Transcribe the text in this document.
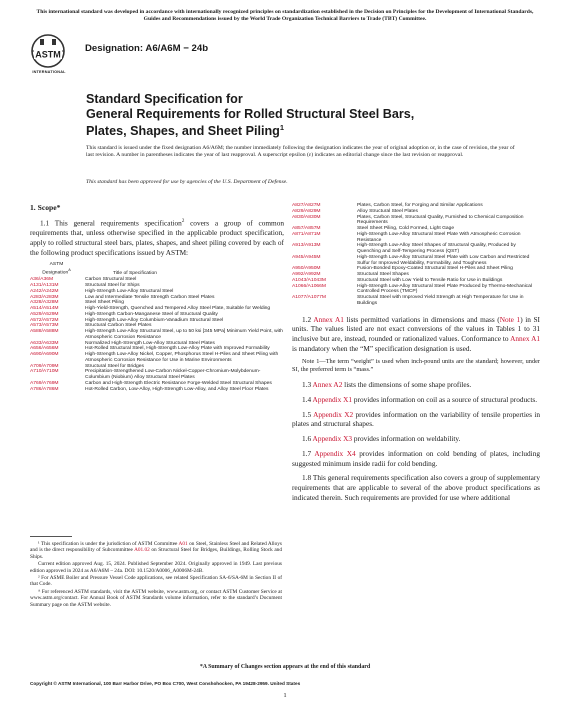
This international standard was developed in accordance with internationally recognized principles on standardization established in the Decision on Principles for the Development of International Standards, Guides and Recommendations issued by the World Trade Organization Technical Barriers to Trade (TBT) Committee.
ASTM
INTERNATIONAL
Designation: A6/A6M − 24b
Standard Specification for
General Requirements for Rolled Structural Steel Bars,
Plates, Shapes, and Sheet Piling$^1$
This standard is issued under the fixed designation A6/A6M; the number immediately following the designation indicates the year of original adoption or, in the case of revision, the year of last revision. A number in parentheses indicates the year of last reapproval. A superscript epsilon (ε) indicates an editorial change since the last revision or reapproval.
This standard has been approved for use by agencies of the U.S. Department of Defense.
1. Scope*

1.1 This general requirements specification$^2$ covers a group of common requirements that, unless otherwise specified in the applicable product specification, apply to rolled structural steel bars, plates, shapes, and sheet piling covered by each of the following product specifications issued by ASTM:

ASTM
Designation$^A$	Title of Specification
A36/A36M	Carbon Structural Steel
A131/A131M	Structural Steel for Ships
A242/A242M	High-Strength Low-Alloy Structural Steel
A283/A283M	Low and Intermediate Tensile Strength Carbon Steel Plates
A328/A328M	Steel Sheet Piling
A514/A514M	High-Yield-Strength, Quenched and Tempered Alloy Steel Plate, Suitable for Welding
A529/A529M	High-Strength Carbon-Manganese Steel of Structural Quality
A572/A572M	High-Strength Low-Alloy Columbium-Vanadium Structural Steel
A573/A573M	Structural Carbon Steel Plates
A588/A588M	High-Strength Low-Alloy Structural Steel, up to 50 ksi [345 MPa] Minimum Yield Point, with Atmospheric Corrosion Resistance
A633/A633M	Normalized High-Strength Low-Alloy Structural Steel Plates
A656/A656M	Hot-Rolled Structural Steel, High-Strength Low-Alloy Plate with Improved Formability
A690/A690M	High-Strength Low-Alloy Nickel, Copper, Phosphorus Steel H-Piles and Sheet Piling with Atmospheric Corrosion Resistance for Use in Marine Environments
A709/A709M	Structural Steel for Bridges
A710/A710M	Precipitation-Strengthened Low-Carbon Nickel-Copper-Chromium-Molybdenum-Columbium (Niobium) Alloy Structural Steel Plates
A769/A769M	Carbon and High-Strength Electric Resistance Forge-Welded Steel Structural Shapes
A786/A786M	Hot-Rolled Carbon, Low-Alloy, High-Strength Low-Alloy, and Alloy Steel Floor Plates

¹ This specification is under the jurisdiction of ASTM Committee A01 on Steel, Stainless Steel and Related Alloys and is the direct responsibility of Subcommittee A01.02 on Structural Steel for Bridges, Buildings, Rolling Stock and Ships.

Current edition approved Aug. 15, 2024. Published September 2024. Originally approved in 1949. Last previous edition approved in 2024 as A6/A6M – 24a. DOI: 10.1520/A0006_A0006M-24B.

² For ASME Boiler and Pressure Vessel Code applications, see related Specification SA-6/SA-6M in Section II of that Code.

ᴬ For referenced ASTM standards, visit the ASTM website, www.astm.org, or contact ASTM Customer Service at www.astm.org/contact. For Annual Book of ASTM Standards volume information, refer to the standard’s Document Summary page on the ASTM website.

A827/A827M	Plates, Carbon Steel, for Forging and Similar Applications
A829/A829M	Alloy Structural Steel Plates
A830/A830M	Plates, Carbon Steel, Structural Quality, Furnished to Chemical Composition Requirements
A857/A857M	Steel Sheet Piling, Cold Formed, Light Gage
A871/A871M	High-Strength Low-Alloy Structural Steel Plate With Atmospheric Corrosion Resistance
A913/A913M	High-Strength Low-Alloy Steel Shapes of Structural Quality, Produced by Quenching and Self-Tempering Process (QST)
A945/A945M	High-Strength Low-Alloy Structural Steel Plate with Low Carbon and Restricted Sulfur for Improved Weldability, Formability, and Toughness
A950/A950M	Fusion-Bonded Epoxy-Coated Structural Steel H-Piles and Sheet Piling
A992/A992M	Structural Steel Shapes
A1043/A1043M	Structural Steel with Low Yield to Tensile Ratio for Use in Buildings
A1066/A1066M	High-Strength Low-Alloy Structural Steel Plate Produced by Thermo-Mechanical Controlled Process (TMCP)
A1077/A1077M	Structural Steel with Improved Yield Strength at High Temperature for Use in Buildings

1.2 Annex A1 lists permitted variations in dimensions and mass (Note 1) in SI units. The values listed are not exact conversions of the values in Tables 1 to 31 inclusive but are, instead, rounded or rationalized values. Conformance to Annex A1 is mandatory when the “M” specification designation is used.

Note 1—The term “weight” is used when inch-pound units are the standard; however, under SI, the preferred term is “mass.”

1.3 Annex A2 lists the dimensions of some shape profiles.

1.4 Appendix X1 provides information on coil as a source of structural products.

1.5 Appendix X2 provides information on the variability of tensile properties in plates and structural shapes.

1.6 Appendix X3 provides information on weldability.

1.7 Appendix X4 provides information on cold bending of plates, including suggested minimum inside radii for cold bending.

1.8 This general requirements specification also covers a group of supplementary requirements that are applicable to several of the above product specifications as indicated therein. Such requirements are provided for use where additional

*A Summary of Changes section appears at the end of this standard
Copyright © ASTM International, 100 Barr Harbor Drive, PO Box C700, West Conshohocken, PA 19428-2959. United States
1
